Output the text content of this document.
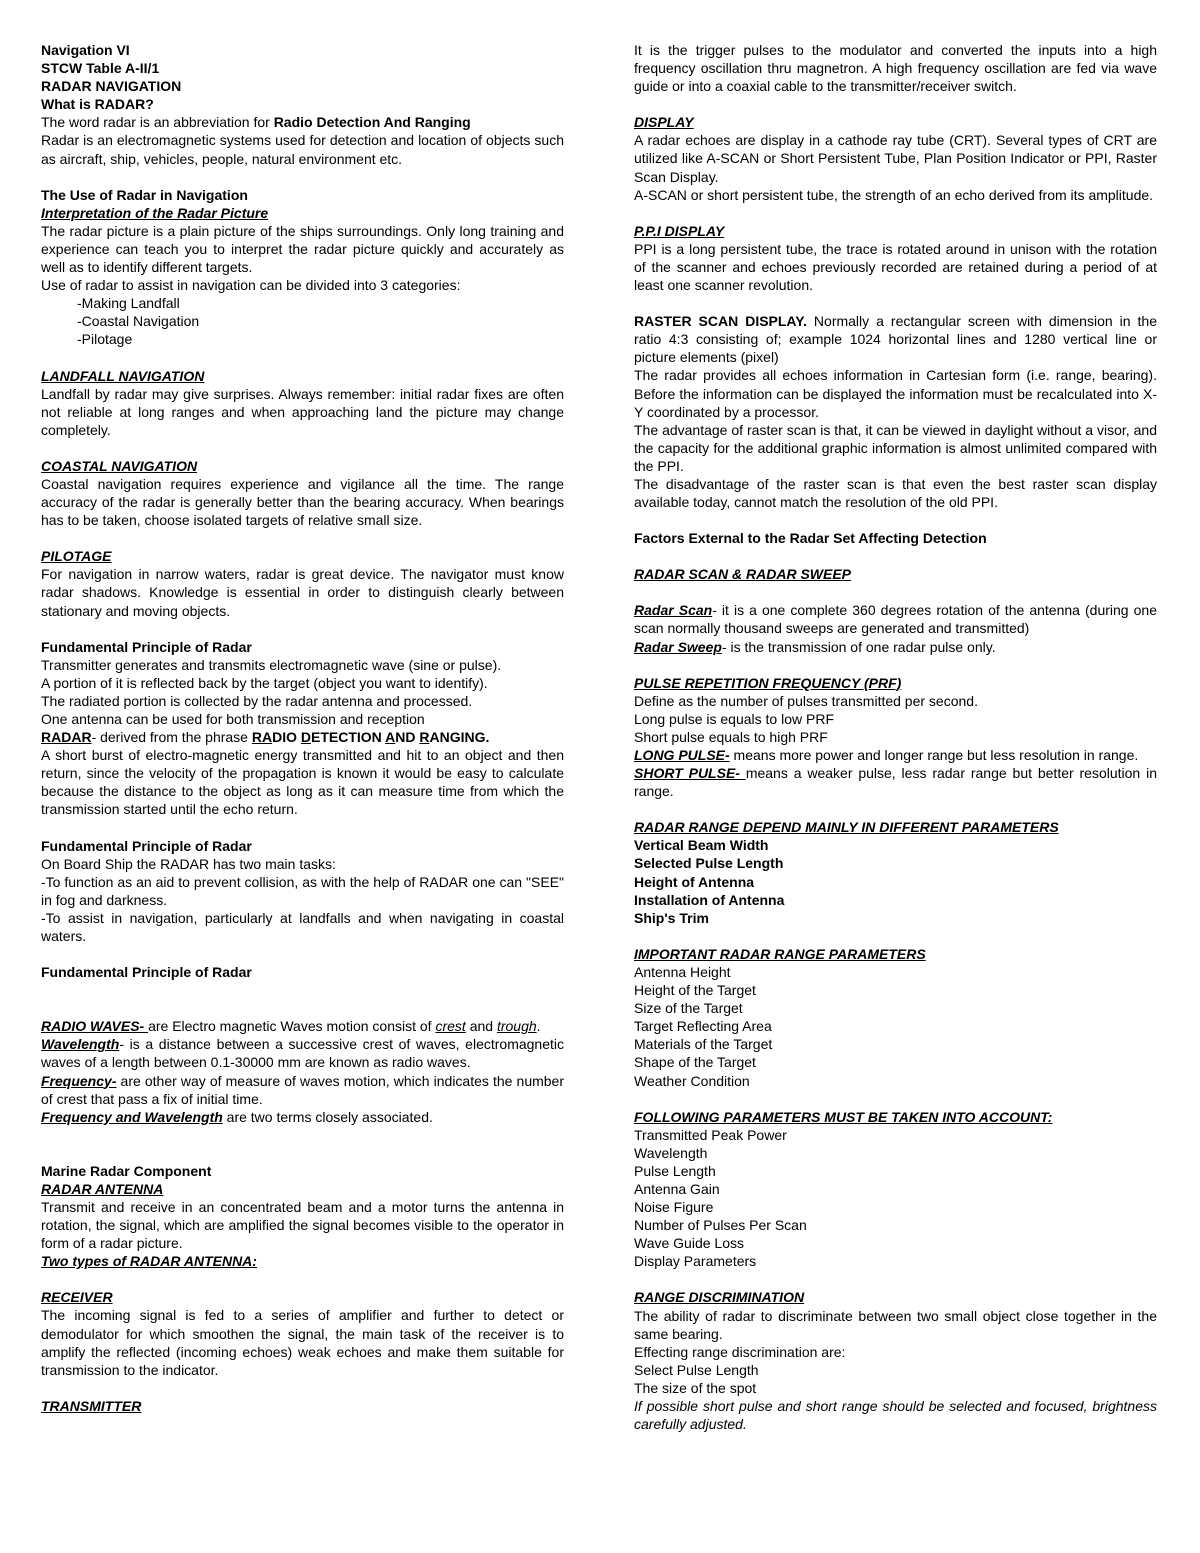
Navigation VI

STCW Table A-II/1

RADAR NAVIGATION

What is RADAR?

The word radar is an abbreviation for Radio Detection And Ranging

Radar is an electromagnetic systems used for detection and location of objects such as aircraft, ship, vehicles, people, natural environment etc.

The Use of Radar in Navigation

Interpretation of the Radar Picture

The radar picture is a plain picture of the ships surroundings. Only long training and experience can teach you to interpret the radar picture quickly and accurately as well as to identify different targets.

Use of radar to assist in navigation can be divided into 3 categories:

-Making Landfall

-Coastal Navigation

-Pilotage

LANDFALL NAVIGATION

Landfall by radar may give surprises. Always remember: initial radar fixes are often not reliable at long ranges and when approaching land the picture may change completely.

COASTAL NAVIGATION

Coastal navigation requires experience and vigilance all the time. The range accuracy of the radar is generally better than the bearing accuracy. When bearings has to be taken, choose isolated targets of relative small size.

PILOTAGE

For navigation in narrow waters, radar is great device. The navigator must know radar shadows. Knowledge is essential in order to distinguish clearly between stationary and moving objects.

Fundamental Principle of Radar

Transmitter generates and transmits electromagnetic wave (sine or pulse).

A portion of it is reflected back by the target (object you want to identify).

The radiated portion is collected by the radar antenna and processed.

One antenna can be used for both transmission and reception

RADAR- derived from the phrase RADIO DETECTION AND RANGING.

A short burst of electro-magnetic energy transmitted and hit to an object and then return, since the velocity of the propagation is known it would be easy to calculate because the distance to the object as long as it can measure time from which the transmission started until the echo return.

Fundamental Principle of Radar

On Board Ship the RADAR has two main tasks:

-To function as an aid to prevent collision, as with the help of RADAR one can "SEE" in fog and darkness.

-To assist in navigation, particularly at landfalls and when navigating in coastal waters.

Fundamental Principle of Radar

RADIO WAVES- are Electro magnetic Waves motion consist of crest and trough.

Wavelength- is a distance between a successive crest of waves, electromagnetic waves of a length between 0.1-30000 mm are known as radio waves.

Frequency- are other way of measure of waves motion, which indicates the number of crest that pass a fix of initial time.

Frequency and Wavelength are two terms closely associated.

Marine Radar Component

RADAR ANTENNA

Transmit and receive in an concentrated beam and a motor turns the antenna in rotation, the signal, which are amplified the signal becomes visible to the operator in form of a radar picture.

Two types of RADAR ANTENNA:

RECEIVER

The incoming signal is fed to a series of amplifier and further to detect or demodulator for which smoothen the signal, the main task of the receiver is to amplify the reflected (incoming echoes) weak echoes and make them suitable for transmission to the indicator.

TRANSMITTER

It is the trigger pulses to the modulator and converted the inputs into a high frequency oscillation thru magnetron. A high frequency oscillation are fed via wave guide or into a coaxial cable to the transmitter/receiver switch.

DISPLAY

A radar echoes are display in a cathode ray tube (CRT). Several types of CRT are utilized like A-SCAN or Short Persistent Tube, Plan Position Indicator or PPI, Raster Scan Display.

A-SCAN or short persistent tube, the strength of an echo derived from its amplitude.

P.P.I DISPLAY

PPI is a long persistent tube, the trace is rotated around in unison with the rotation of the scanner and echoes previously recorded are retained during a period of at least one scanner revolution.

RASTER SCAN DISPLAY. Normally a rectangular screen with dimension in the ratio 4:3 consisting of; example 1024 horizontal lines and 1280 vertical line or picture elements (pixel)

The radar provides all echoes information in Cartesian form (i.e. range, bearing). Before the information can be displayed the information must be recalculated into X-Y coordinated by a processor.

The advantage of raster scan is that, it can be viewed in daylight without a visor, and the capacity for the additional graphic information is almost unlimited compared with the PPI.

The disadvantage of the raster scan is that even the best raster scan display available today, cannot match the resolution of the old PPI.

Factors External to the Radar Set Affecting Detection

RADAR SCAN & RADAR SWEEP

Radar Scan- it is a one complete 360 degrees rotation of the antenna (during one scan normally thousand sweeps are generated and transmitted)

Radar Sweep- is the transmission of one radar pulse only.

PULSE REPETITION FREQUENCY (PRF)

Define as the number of pulses transmitted per second.

Long pulse is equals to low PRF

Short pulse equals to high PRF

LONG PULSE- means more power and longer range but less resolution in range.

SHORT PULSE- means a weaker pulse, less radar range but better resolution in range.

RADAR RANGE DEPEND MAINLY IN DIFFERENT PARAMETERS

Vertical Beam Width

Selected Pulse Length

Height of Antenna

Installation of Antenna

Ship's Trim

IMPORTANT RADAR RANGE PARAMETERS

Antenna Height

Height of the Target

Size of the Target

Target Reflecting Area

Materials of the Target

Shape of the Target

Weather Condition

FOLLOWING PARAMETERS MUST BE TAKEN INTO ACCOUNT:

Transmitted Peak Power

Wavelength

Pulse Length

Antenna Gain

Noise Figure

Number of Pulses Per Scan

Wave Guide Loss

Display Parameters

RANGE DISCRIMINATION

The ability of radar to discriminate between two small object close together in the same bearing.

Effecting range discrimination are:

Select Pulse Length

The size of the spot

If possible short pulse and short range should be selected and focused, brightness carefully adjusted.
